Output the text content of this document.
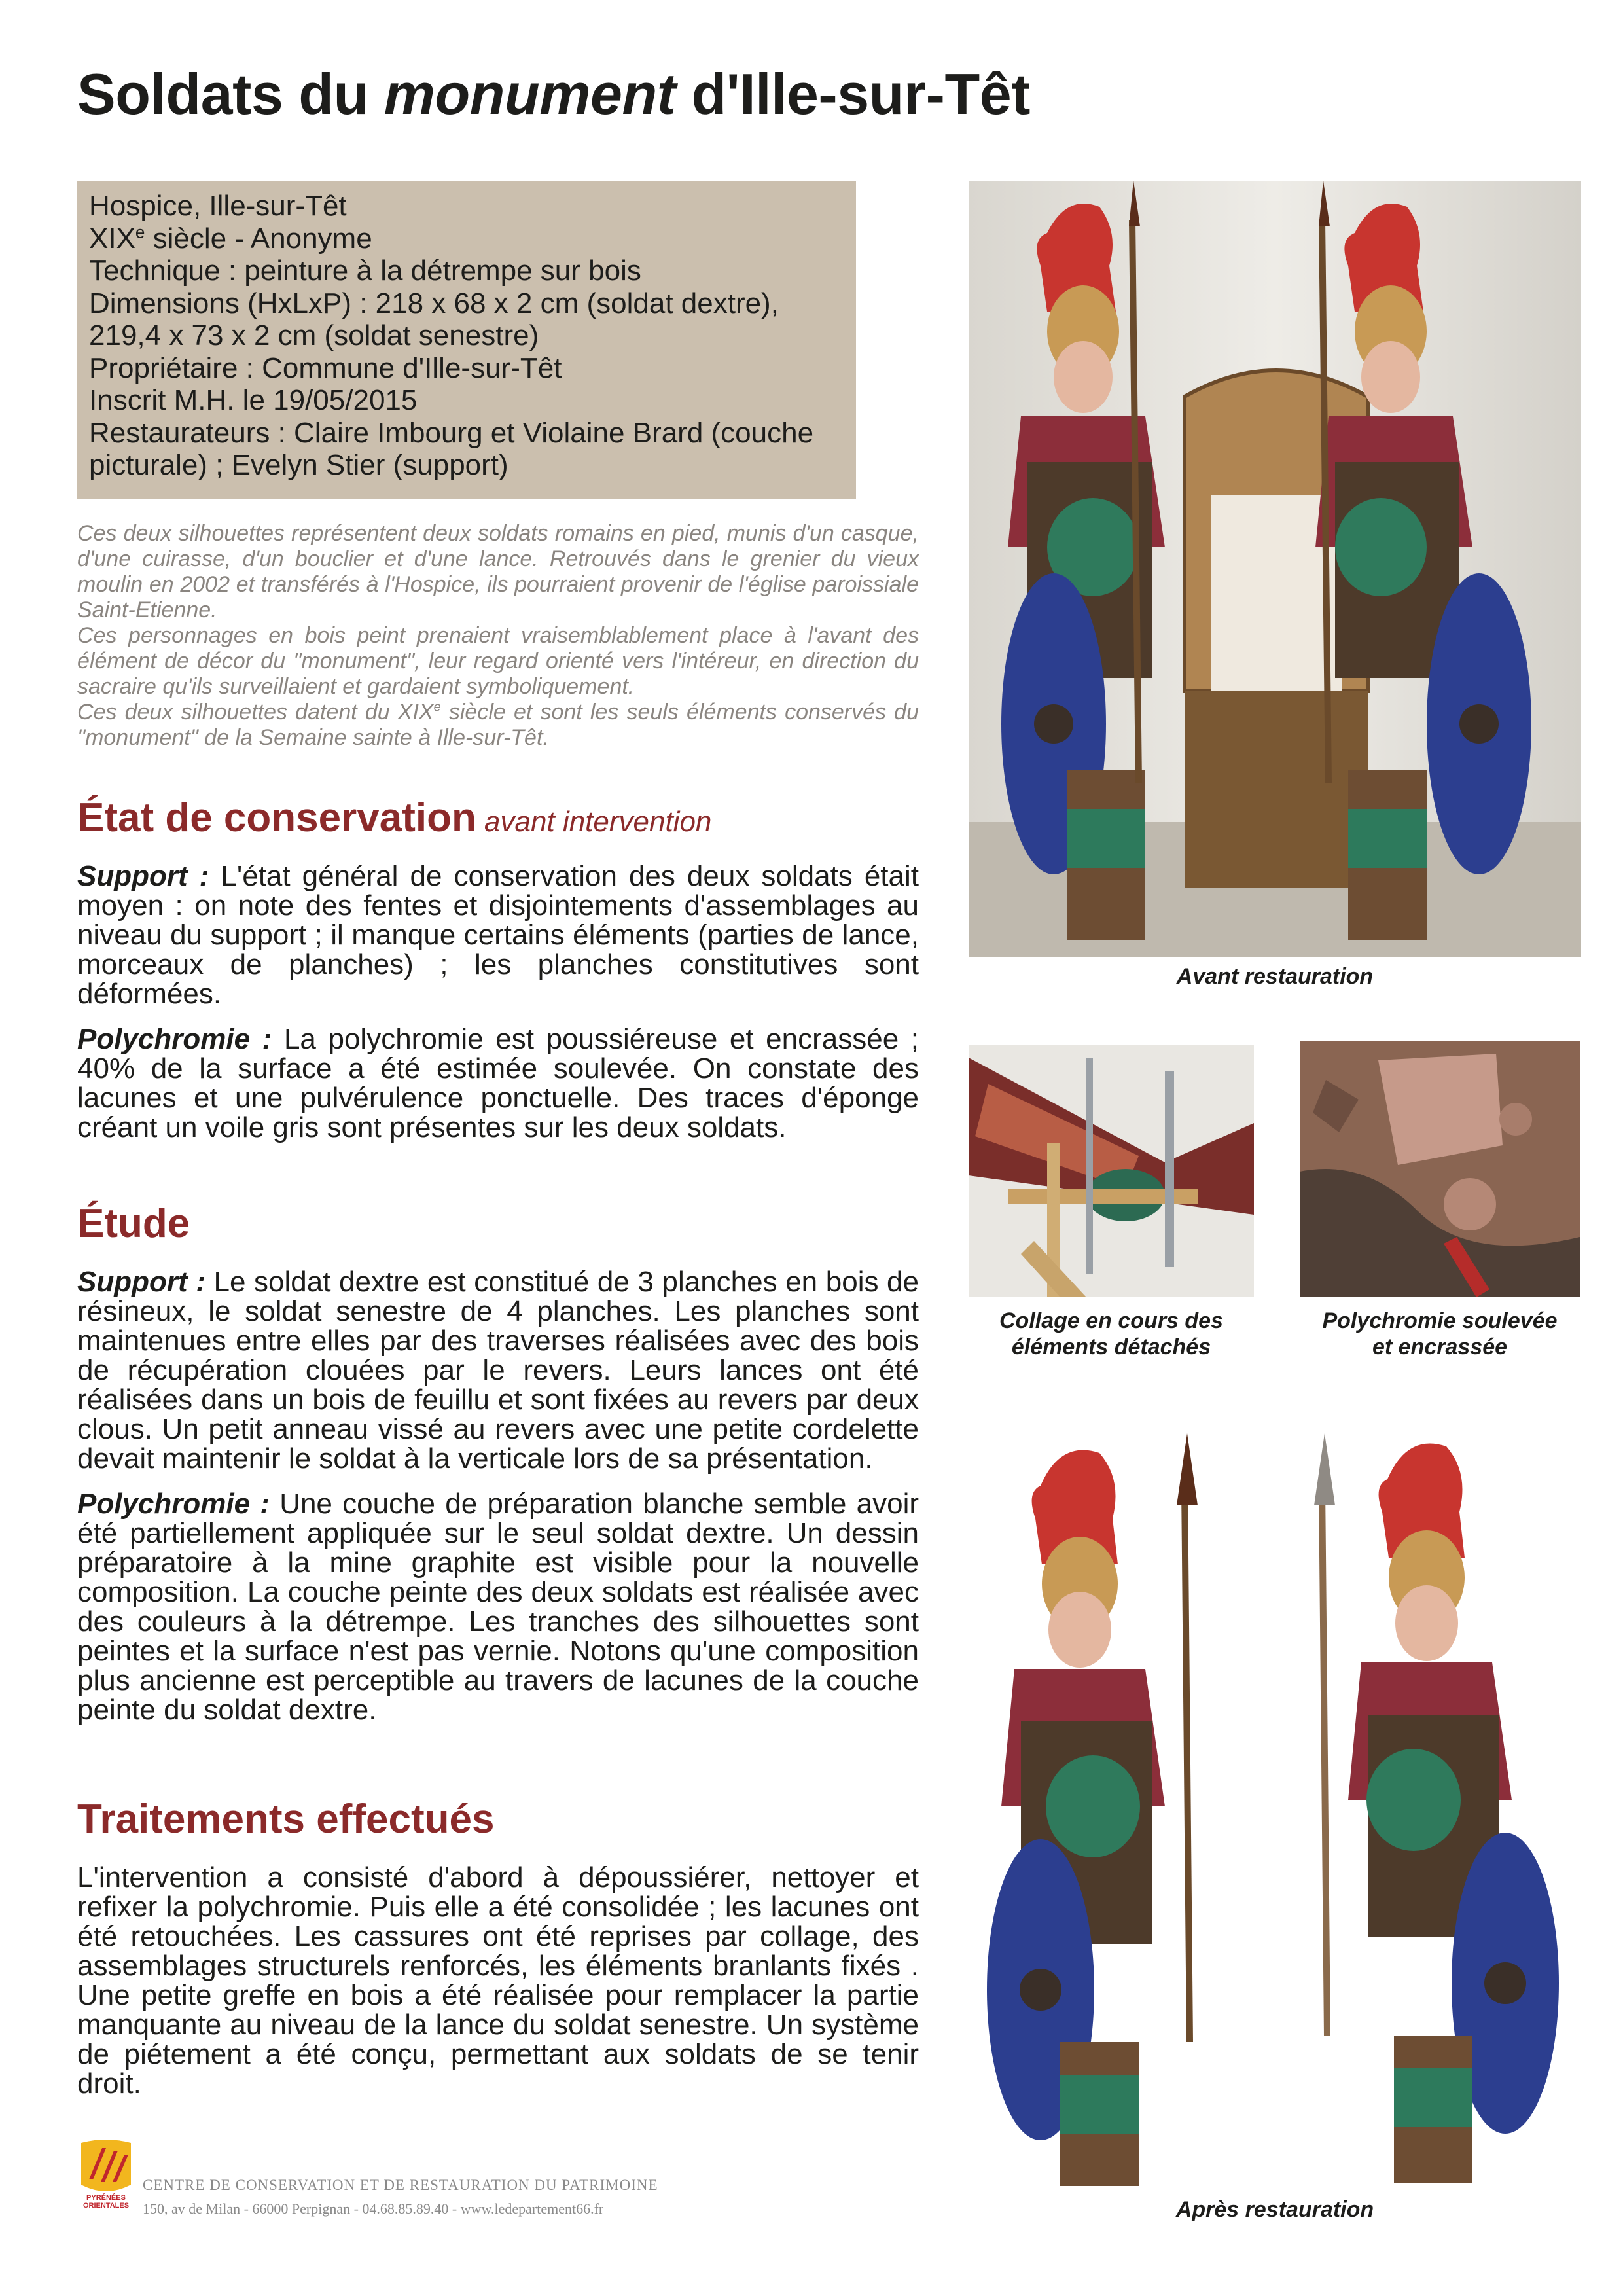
Soldats du monument d'Ille-sur-Têt
Hospice, Ille-sur-Têt
XIXe siècle - Anonyme
Technique : peinture à la détrempe sur bois
Dimensions (HxLxP) : 218 x 68 x 2 cm (soldat dextre),
219,4 x 73 x 2 cm (soldat senestre)
Propriétaire : Commune d'Ille-sur-Têt
Inscrit M.H. le 19/05/2015
Restaurateurs : Claire Imbourg et Violaine Brard (couche
picturale) ; Evelyn Stier (support)

Ces deux silhouettes représentent deux soldats romains en pied, munis d'un casque, d'une cuirasse, d'un bouclier et d'une lance. Retrouvés dans le grenier du vieux moulin en 2002 et transférés à l'Hospice, ils pourraient provenir de l'église paroissiale Saint-Etienne.

Ces personnages en bois peint prenaient vraisemblablement place à l'avant des élément de décor du "monument", leur regard orienté vers l'intéreur, en direction du sacraire qu'ils surveillaient et gardaient symboliquement.

Ces deux silhouettes datent du XIXe siècle et sont les seuls éléments conservés du "monument" de la Semaine sainte à Ille-sur-Têt.

État de conservation avant intervention

Support : L'état général de conservation des deux soldats était moyen : on note des fentes et disjointements d'assemblages au niveau du support ; il manque certains éléments (parties de lance, morceaux de planches) ; les planches constitutives sont déformées.

Polychromie : La polychromie est poussiéreuse et encrassée ; 40% de la surface a été estimée soulevée. On constate des lacunes et une pulvérulence ponctuelle. Des traces d'éponge créant un voile gris sont présentes sur les deux soldats.

Étude

Support : Le soldat dextre est constitué de 3 planches en bois de résineux, le soldat senestre de 4 planches. Les planches sont maintenues entre elles par des traverses réalisées avec des bois de récupération clouées par le revers. Leurs lances ont été réalisées dans un bois de feuillu et sont fixées au revers par deux clous. Un petit anneau vissé au revers avec une petite cordelette devait maintenir le soldat à la verticale lors de sa présentation.

Polychromie : Une couche de préparation blanche semble avoir été partiellement appliquée sur le seul soldat dextre. Un dessin préparatoire à la mine graphite est visible pour la nouvelle composition. La couche peinte des deux soldats est réalisée avec des couleurs à la détrempe. Les tranches des silhouettes sont peintes et la surface n'est pas vernie. Notons qu'une composition plus ancienne est perceptible au travers de lacunes de la couche peinte du soldat dextre.

Traitements effectués

L'intervention a consisté d'abord à dépoussiérer, nettoyer et refixer la polychromie. Puis elle a été consolidée ; les lacunes ont été retouchées. Les cassures ont été reprises par collage, des assemblages structurels renforcés, les éléments branlants fixés . Une petite greffe en bois a été réalisée pour remplacer la partie manquante au niveau de la lance du soldat senestre. Un système de piétement a été conçu, permettant aux soldats de se tenir droit.

Avant restauration
Collage en cours des
éléments détachés
Polychromie soulevée
et encrassée
Après restauration
PYRÉNÉES
ORIENTALES
CENTRE DE CONSERVATION ET DE RESTAURATION DU PATRIMOINE
150, av de Milan - 66000 Perpignan - 04.68.85.89.40 - www.ledepartement66.fr
